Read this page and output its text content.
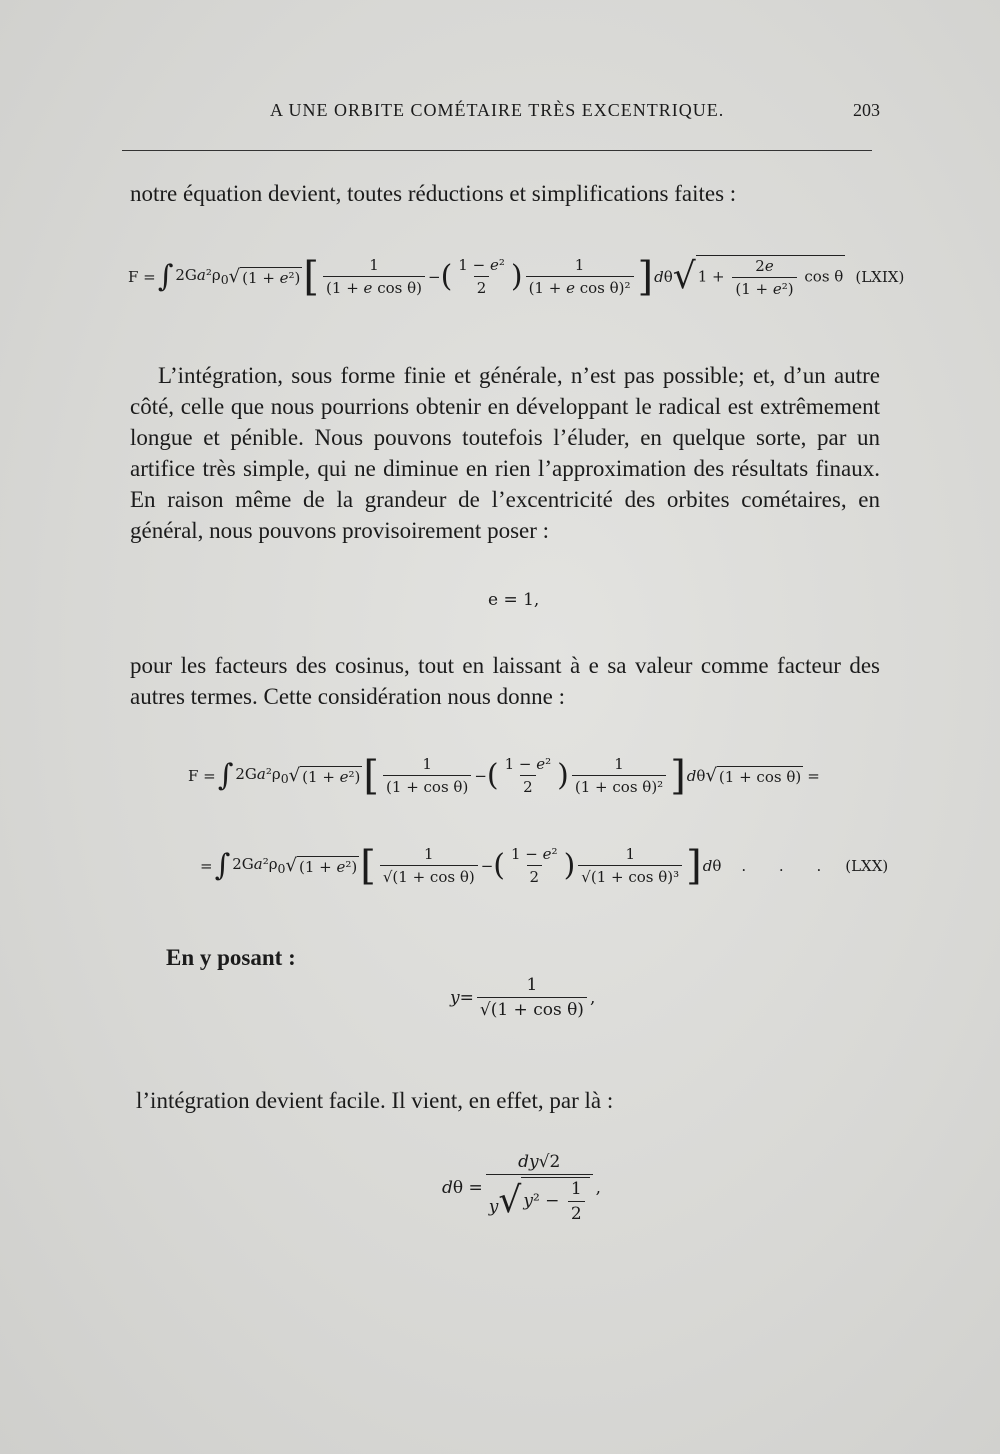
A UNE ORBITE COMÉTAIRE TRÈS EXCENTRIQUE.	203
notre équation devient, toutes réductions et simplifications faites :
F = ∫ $2Ga^2\rho_0$ √ (1 + e²) [ $\frac{1}{\text{(1 + e cos θ)}}$ − ( $\frac{\text{1 − e²}}{2}$ ) $\frac{1}{\text{(1 + e cos θ)²}}$ ] d θ √ $1 + \frac{2e}{\text{(1 + e²)}}$ cos θ (LXIX)
L’intégration, sous forme finie et générale, n’est pas possible; et, d’un autre côté, celle que nous pourrions obtenir en développant le radical est extrêmement longue et pénible. Nous pouvons toutefois l’éluder, en quelque sorte, par un artifice très simple, qui ne diminue en rien l’approximation des résultats finaux. En raison même de la grandeur de l’excentricité des orbites cométaires, en général, nous pouvons provisoirement poser :
e = 1,
pour les facteurs des cosinus, tout en laissant à e sa valeur comme facteur des autres termes. Cette considération nous donne :
F = ∫ $2Ga^2\rho_0$ √ (1 + e²) [ $\frac{1}{\text{(1 + cos θ)}}$ − ( $\frac{\text{1 − e²}}{2}$ ) $\frac{1}{\text{(1 + cos θ)²}}$ ] d θ √ (1 + cos θ) =
= ∫ $2Ga^2\rho_0$ √ (1 + e²) [ $\frac{1}{\text{√(1 + cos θ)}}$ − ( $\frac{\text{1 − e²}}{2}$ ) $\frac{1}{\text{√(1 + cos θ)³}}$ ] d θ . . . (LXX)
En y posant :
$y = \frac{1}{\text{√(1 + cos θ)}}$ ,
l’intégration devient facile. Il vient, en effet, par là :
d $\theta = \frac{dy√2}{y √ y^2 - \frac{1}{2}}$ ,
